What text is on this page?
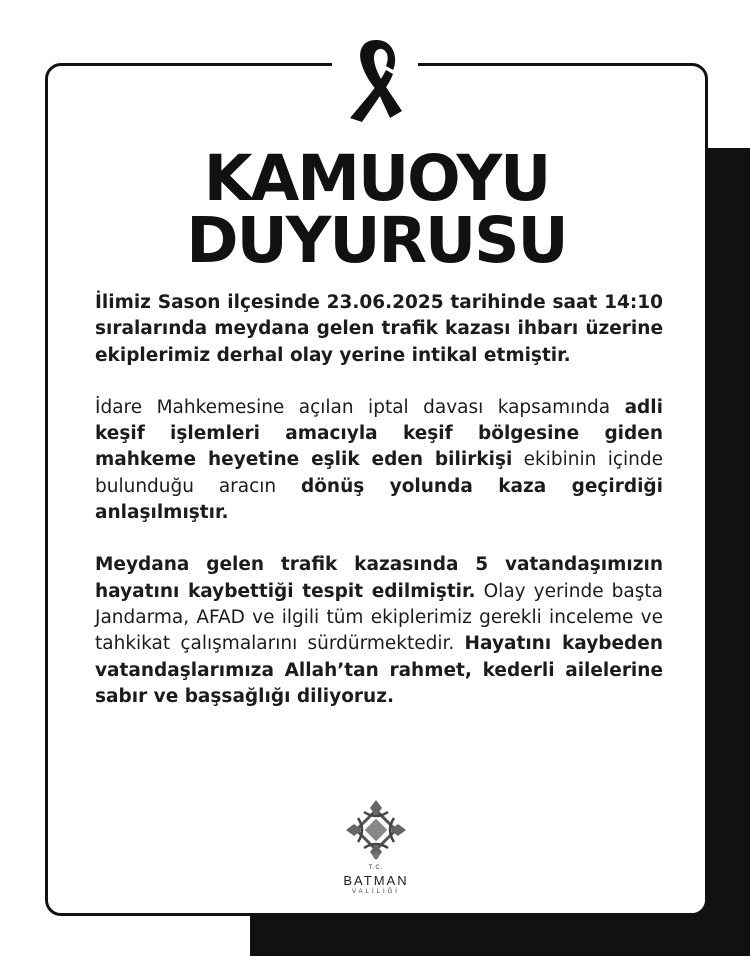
KAMUOYU
DUYURUSU

İlimiz Sason ilçesinde 23.06.2025 tarihinde saat 14:10 sıralarında meydana gelen trafik kazası ihbarı üzerine ekiplerimiz derhal olay yerine intikal etmiştir.

İdare Mahkemesine açılan iptal davası kapsamında adli keşif işlemleri amacıyla keşif bölgesine giden mahkeme heyetine eşlik eden bilirkişi ekibinin içinde bulunduğu aracın dönüş yolunda kaza geçirdiği anlaşılmıştır.

Meydana gelen trafik kazasında 5 vatandaşımızın hayatını kaybettiği tespit edilmiştir. Olay yerinde başta Jandarma, AFAD ve ilgili tüm ekiplerimiz gerekli inceleme ve tahkikat çalışmalarını sürdürmektedir. Hayatını kaybeden vatandaşlarımıza Allah’tan rahmet, kederli ailelerine sabır ve başsağlığı diliyoruz.

T.C.
BATMAN
VALİLİĞİ
